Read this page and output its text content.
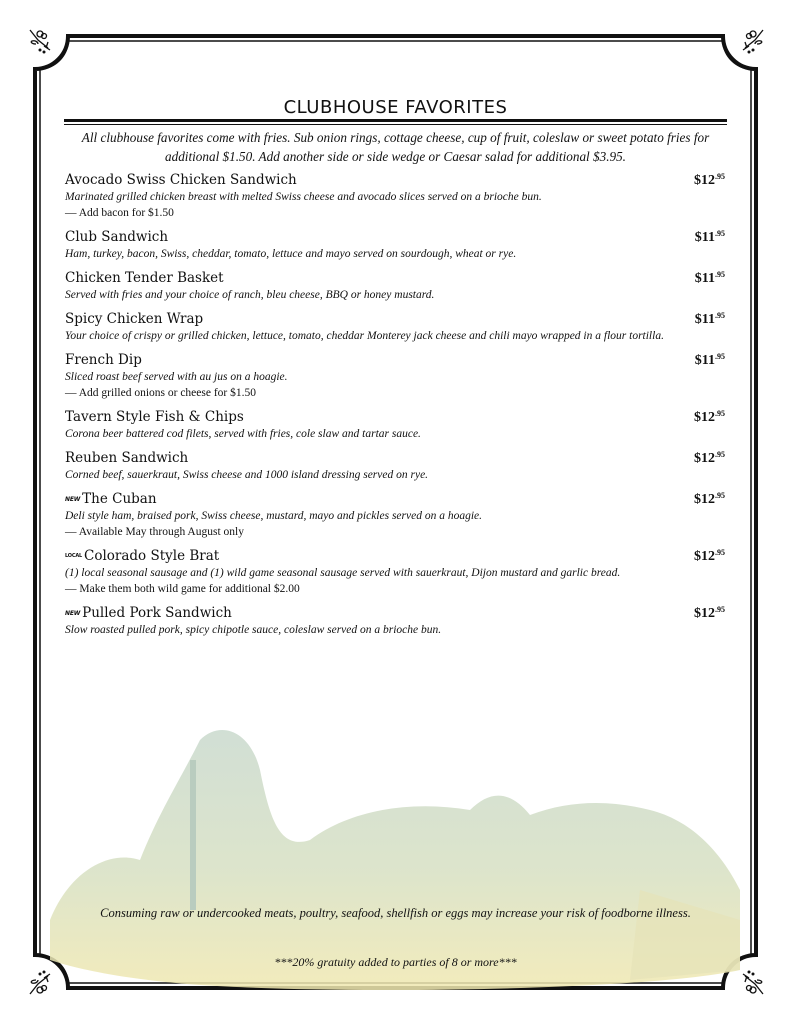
CLUBHOUSE FAVORITES
All clubhouse favorites come with fries. Sub onion rings, cottage cheese, cup of fruit, coleslaw or sweet potato fries for additional $1.50. Add another side or side wedge or Caesar salad for additional $3.95.
Avocado Swiss Chicken Sandwich
Marinated grilled chicken breast with melted Swiss cheese and avocado slices served on a brioche bun.
— Add bacon for $1.50
$\$12^{.95}$
Club Sandwich
Ham, turkey, bacon, Swiss, cheddar, tomato, lettuce and mayo served on sourdough, wheat or rye.
$\$11^{.95}$
Chicken Tender Basket
Served with fries and your choice of ranch, bleu cheese, BBQ or honey mustard.
$\$11^{.95}$
Spicy Chicken Wrap
Your choice of crispy or grilled chicken, lettuce, tomato, cheddar Monterey jack cheese and chili mayo wrapped in a flour tortilla.
$\$11^{.95}$
French Dip
Sliced roast beef served with au jus on a hoagie.
— Add grilled onions or cheese for $1.50
$\$11^{.95}$
Tavern Style Fish & Chips
Corona beer battered cod filets, served with fries, cole slaw and tartar sauce.
$\$12^{.95}$
Reuben Sandwich
Corned beef, sauerkraut, Swiss cheese and 1000 island dressing served on rye.
$\$12^{.95}$
$^{NEW}$ The Cuban
Deli style ham, braised pork, Swiss cheese, mustard, mayo and pickles served on a hoagie.
— Available May through August only
$\$12^{.95}$
LOCAL Colorado Style Brat
(1) local seasonal sausage and (1) wild game seasonal sausage served with sauerkraut, Dijon mustard and garlic bread.
— Make them both wild game for additional $2.00
$\$12^{.95}$
$^{NEW}$ Pulled Pork Sandwich
Slow roasted pulled pork, spicy chipotle sauce, coleslaw served on a brioche bun.
$\$12^{.95}$
Consuming raw or undercooked meats, poultry, seafood, shellfish or eggs may increase your risk of foodborne illness.
***20% gratuity added to parties of 8 or more***
